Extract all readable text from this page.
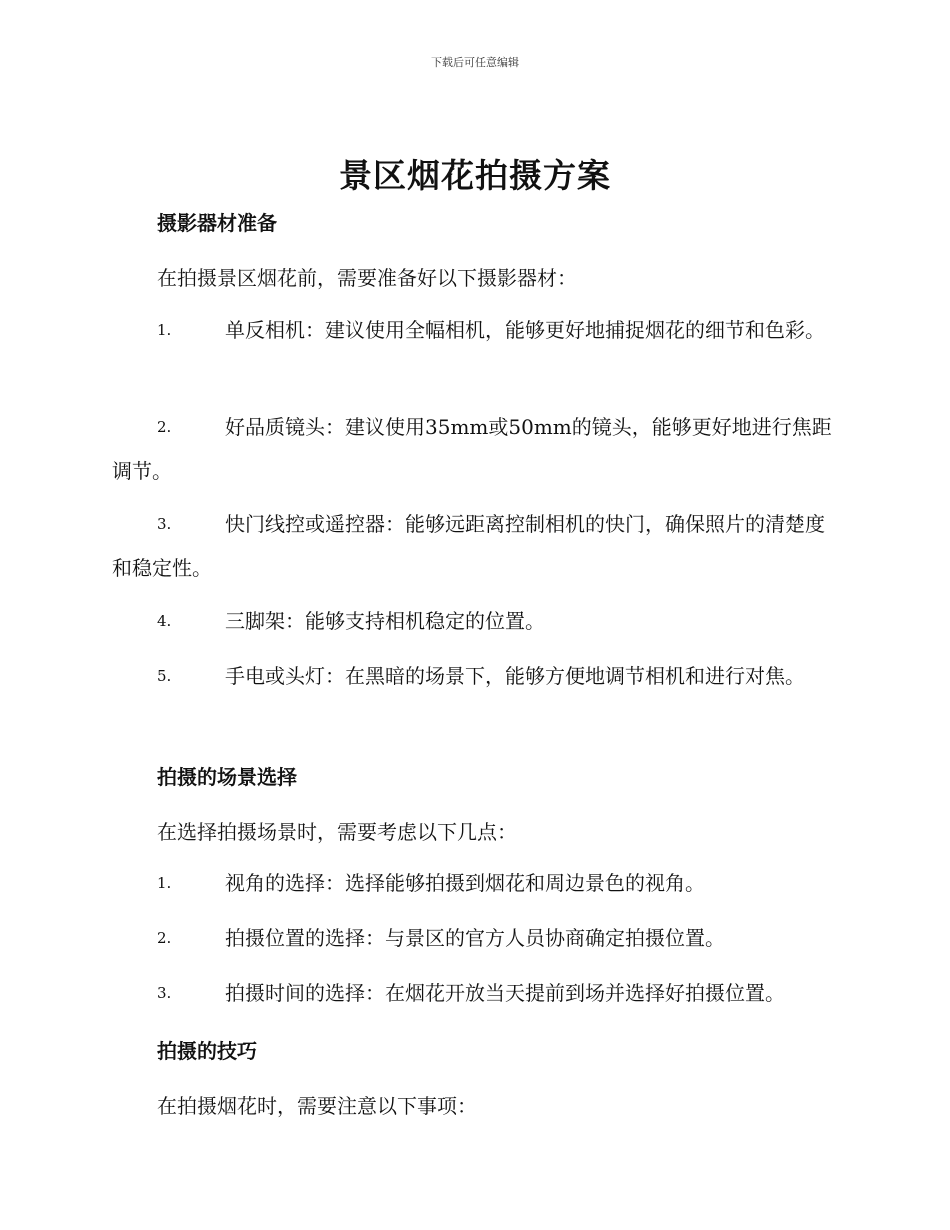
下载后可任意编辑
景区烟花拍摄方案
摄影器材准备
在拍摄景区烟花前，需要准备好以下摄影器材：
1.	单反相机：建议使用全幅相机，能够更好地捕捉烟花的细节和色彩。
2.	好品质镜头：建议使用35mm或50mm的镜头，能够更好地进行焦距调节。
3.	快门线控或遥控器：能够远距离控制相机的快门，确保照片的清楚度和稳定性。
4.	三脚架：能够支持相机稳定的位置。
5.	手电或头灯：在黑暗的场景下，能够方便地调节相机和进行对焦。
拍摄的场景选择
在选择拍摄场景时，需要考虑以下几点：
1.	视角的选择：选择能够拍摄到烟花和周边景色的视角。
2.	拍摄位置的选择：与景区的官方人员协商确定拍摄位置。
3.	拍摄时间的选择：在烟花开放当天提前到场并选择好拍摄位置。
拍摄的技巧
在拍摄烟花时，需要注意以下事项：
